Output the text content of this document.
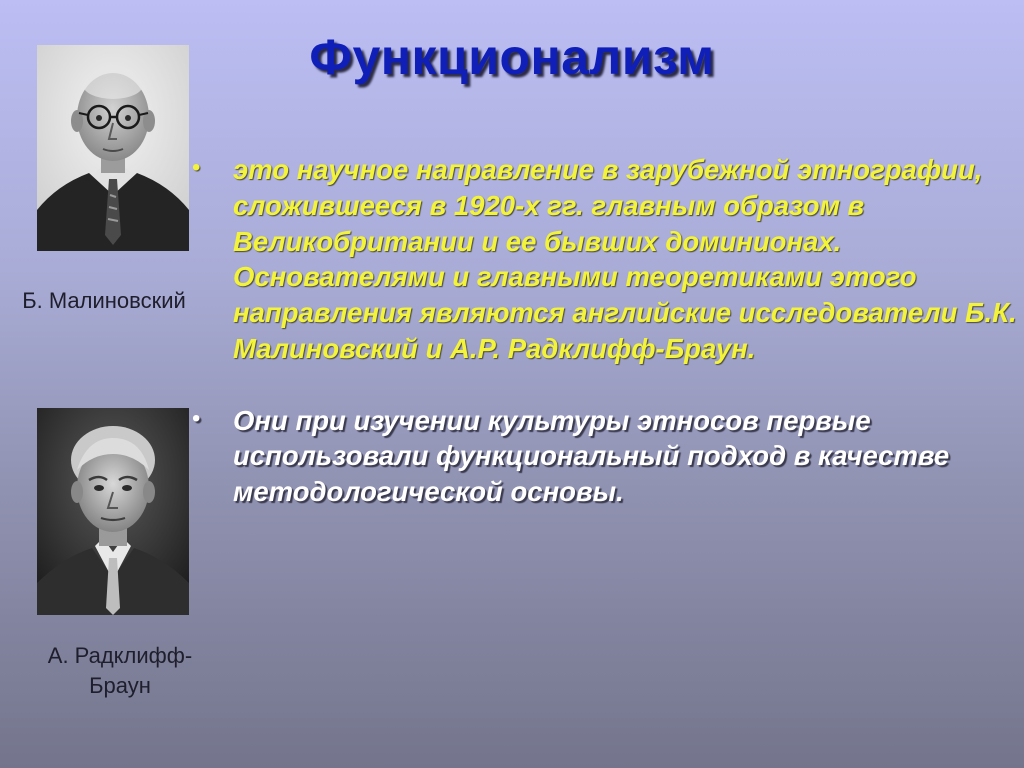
Функционализм
Б. Малиновский
А. Радклифф-Браун
• это научное направление в зарубежной этнографии, сложившееся в 1920-х гг. главным образом в Великобритании и ее бывших доминионах. Основателями и главными теоретиками этого направления являются английские исследователи Б.К. Малиновский и А.Р. Радклифф-Браун.
• Они при изучении культуры этносов первые использовали функциональный подход в качестве методологической основы.
